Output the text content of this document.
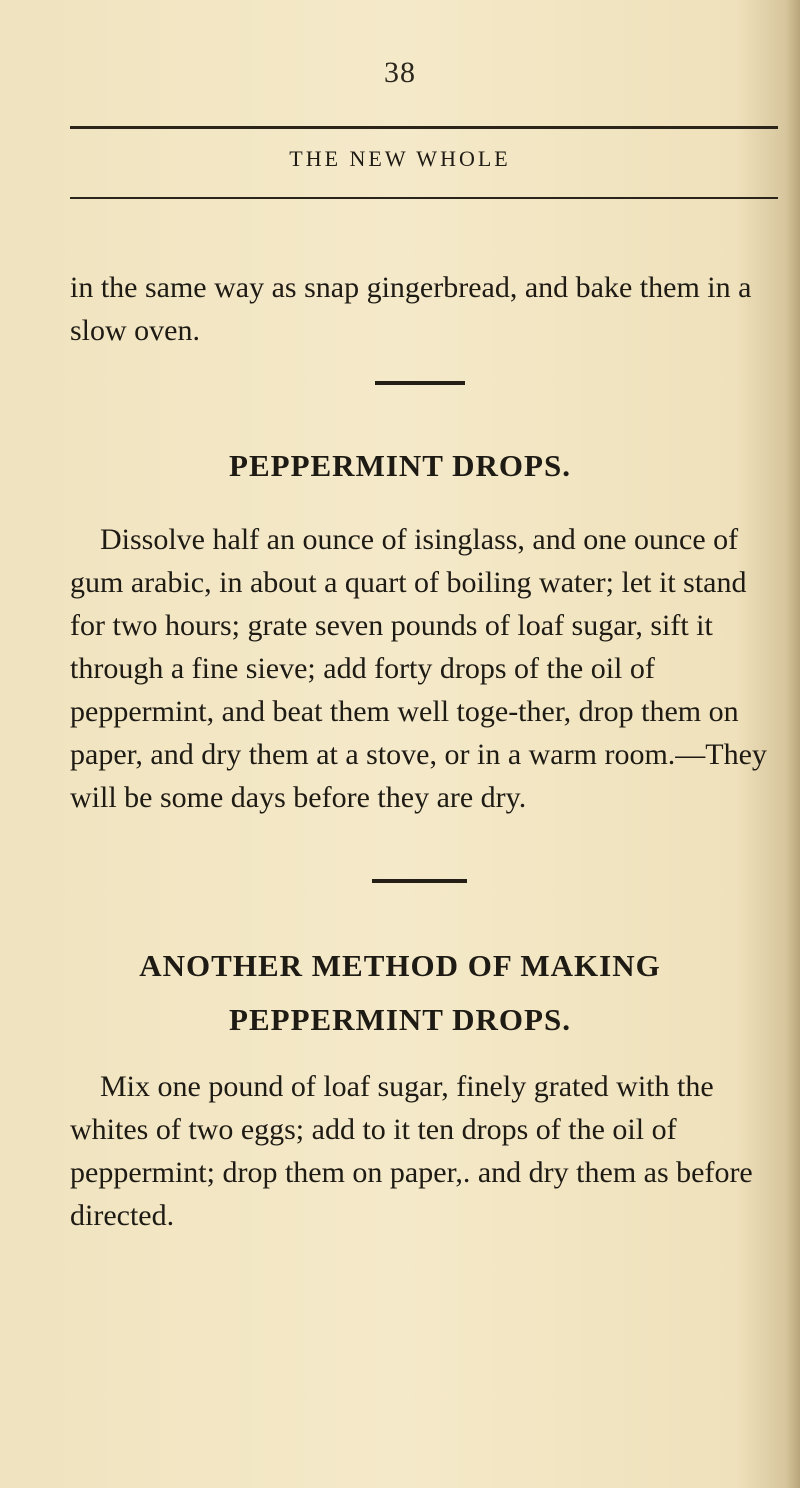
38
THE NEW WHOLE

in the same way as snap gingerbread, and bake them in a slow oven.

PEPPERMINT DROPS.

Dissolve half an ounce of isinglass, and one ounce of gum arabic, in about a quart of boiling water; let it stand for two hours; grate seven pounds of loaf sugar, sift it through a fine sieve; add forty drops of the oil of peppermint, and beat them well toge-ther, drop them on paper, and dry them at a stove, or in a warm room.—They will be some days before they are dry.

ANOTHER METHOD OF MAKING
PEPPERMINT DROPS.

Mix one pound of loaf sugar, finely grated with the whites of two eggs; add to it ten drops of the oil of peppermint; drop them on paper,. and dry them as before directed.
